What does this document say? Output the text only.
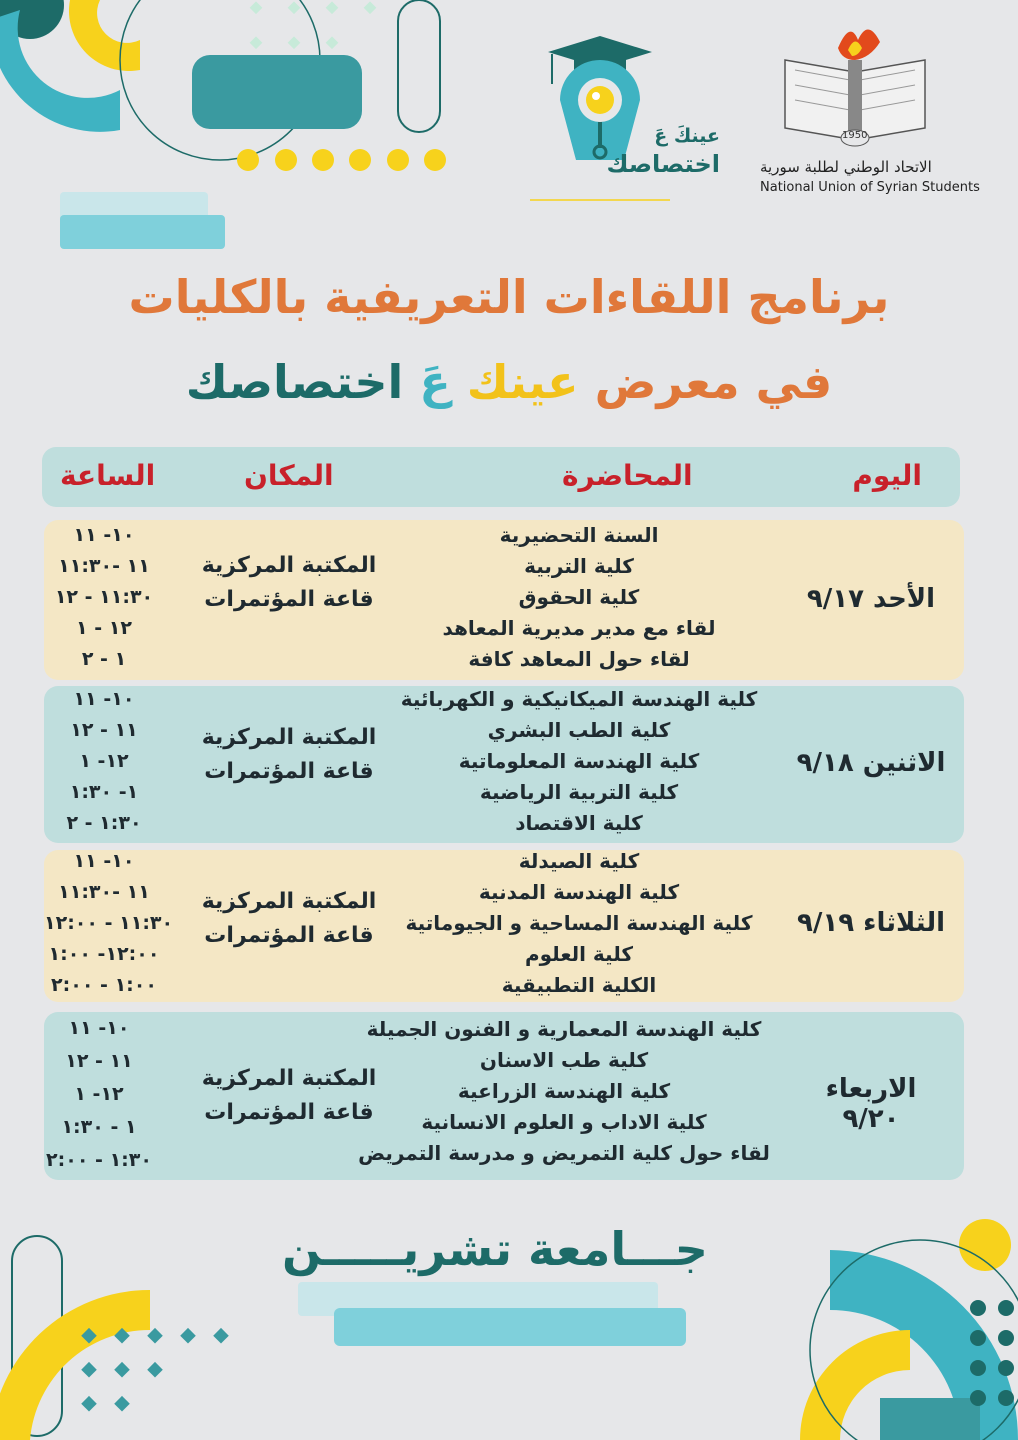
عينكَ عَ
اختصاصك
1950
الاتحاد الوطني لطلبة سورية
National Union of Syrian Students
برنامج اللقاءات التعريفية بالكليات
في معرض عينك عَ اختصاصك
اليوم
المحاضرة
المكان
الساعة
الأحد ٩/١٧
السنة التحضيرية
كلية التربية
كلية الحقوق
لقاء مع مدير مديرية المعاهد
لقاء حول المعاهد كافة
المكتبة المركزية
قاعة المؤتمرات
١٠- ١١
١١ -١١:٣٠
١١:٣٠ - ١٢
١٢ - ١
١ - ٢
الاثنين ٩/١٨
كلية الهندسة الميكانيكية و الكهربائية
كلية الطب البشري
كلية الهندسة المعلوماتية
كلية التربية الرياضية
كلية الاقتصاد
المكتبة المركزية
قاعة المؤتمرات
١٠- ١١
١١ - ١٢
١٢- ١
١- ١:٣٠
١:٣٠ - ٢
الثلاثاء ٩/١٩
كلية الصيدلة
كلية الهندسة المدنية
كلية الهندسة المساحية و الجيوماتية
كلية العلوم
الكلية التطبيقية
المكتبة المركزية
قاعة المؤتمرات
١٠- ١١
١١ -١١:٣٠
١١:٣٠ - ١٢:٠٠
١٢:٠٠- ١:٠٠
١:٠٠ - ٢:٠٠
الاربعاء ٩/٢٠
كلية الهندسة المعمارية و الفنون الجميلة
كلية طب الاسنان
كلية الهندسة الزراعية
كلية الاداب و العلوم الانسانية
لقاء حول كلية التمريض و مدرسة التمريض
المكتبة المركزية
قاعة المؤتمرات
١٠- ١١
١١ - ١٢
١٢- ١
١ - ١:٣٠
١:٣٠ - ٢:٠٠
جـــامعة تشريـــــن
